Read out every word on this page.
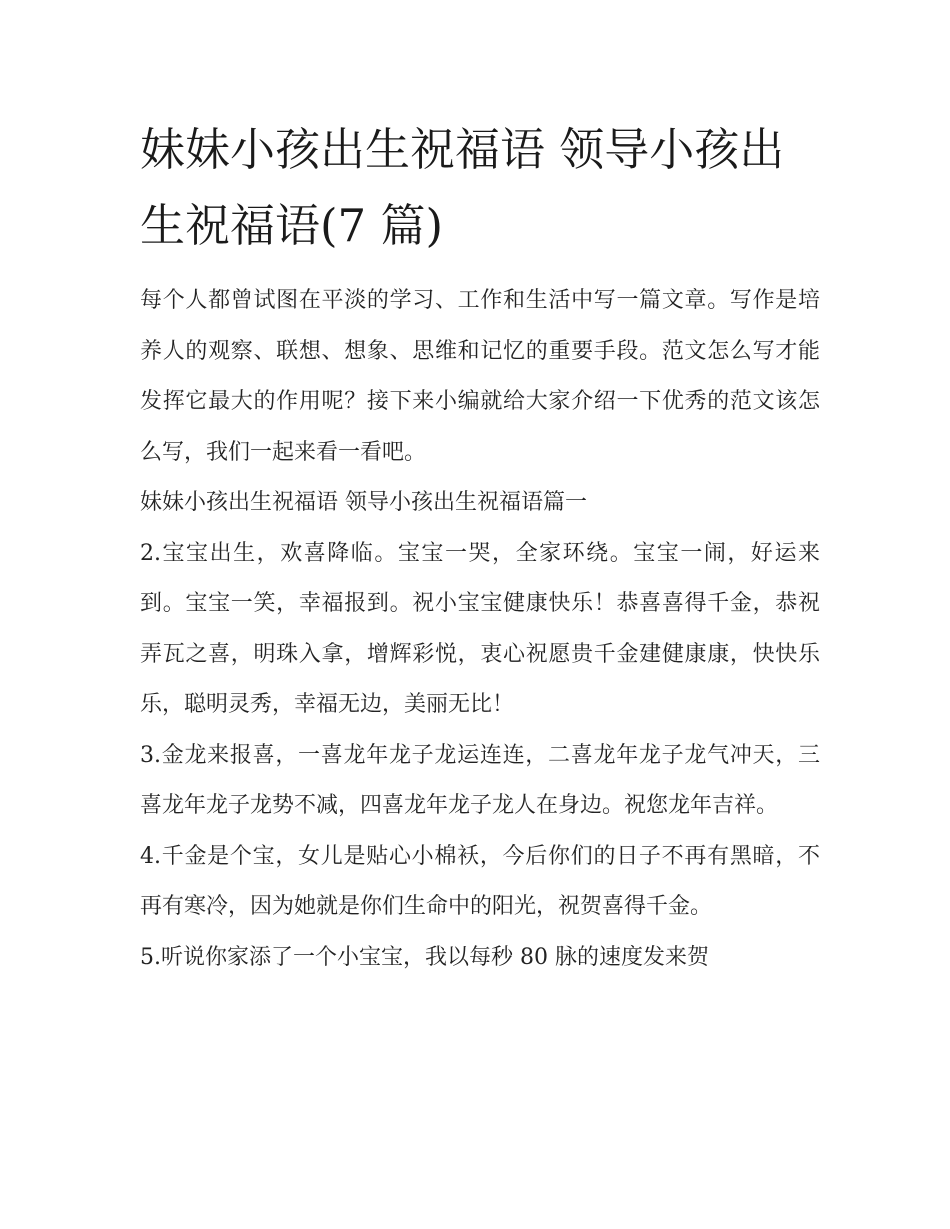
妹妹小孩出生祝福语 领导小孩出生祝福语(7 篇)

每个人都曾试图在平淡的学习、工作和生活中写一篇文章。写作是培养人的观察、联想、想象、思维和记忆的重要手段。范文怎么写才能发挥它最大的作用呢？接下来小编就给大家介绍一下优秀的范文该怎么写，我们一起来看一看吧。

妹妹小孩出生祝福语 领导小孩出生祝福语篇一

2.宝宝出生，欢喜降临。宝宝一哭，全家环绕。宝宝一闹，好运来到。宝宝一笑，幸福报到。祝小宝宝健康快乐！恭喜喜得千金，恭祝弄瓦之喜，明珠入拿，增辉彩悦，衷心祝愿贵千金建健康康，快快乐乐，聪明灵秀，幸福无边，美丽无比！

3.金龙来报喜，一喜龙年龙子龙运连连，二喜龙年龙子龙气冲天，三喜龙年龙子龙势不减，四喜龙年龙子龙人在身边。祝您龙年吉祥。

4.千金是个宝，女儿是贴心小棉袄，今后你们的日子不再有黑暗，不再有寒冷，因为她就是你们生命中的阳光，祝贺喜得千金。

5.听说你家添了一个小宝宝，我以每秒 80 脉的速度发来贺
